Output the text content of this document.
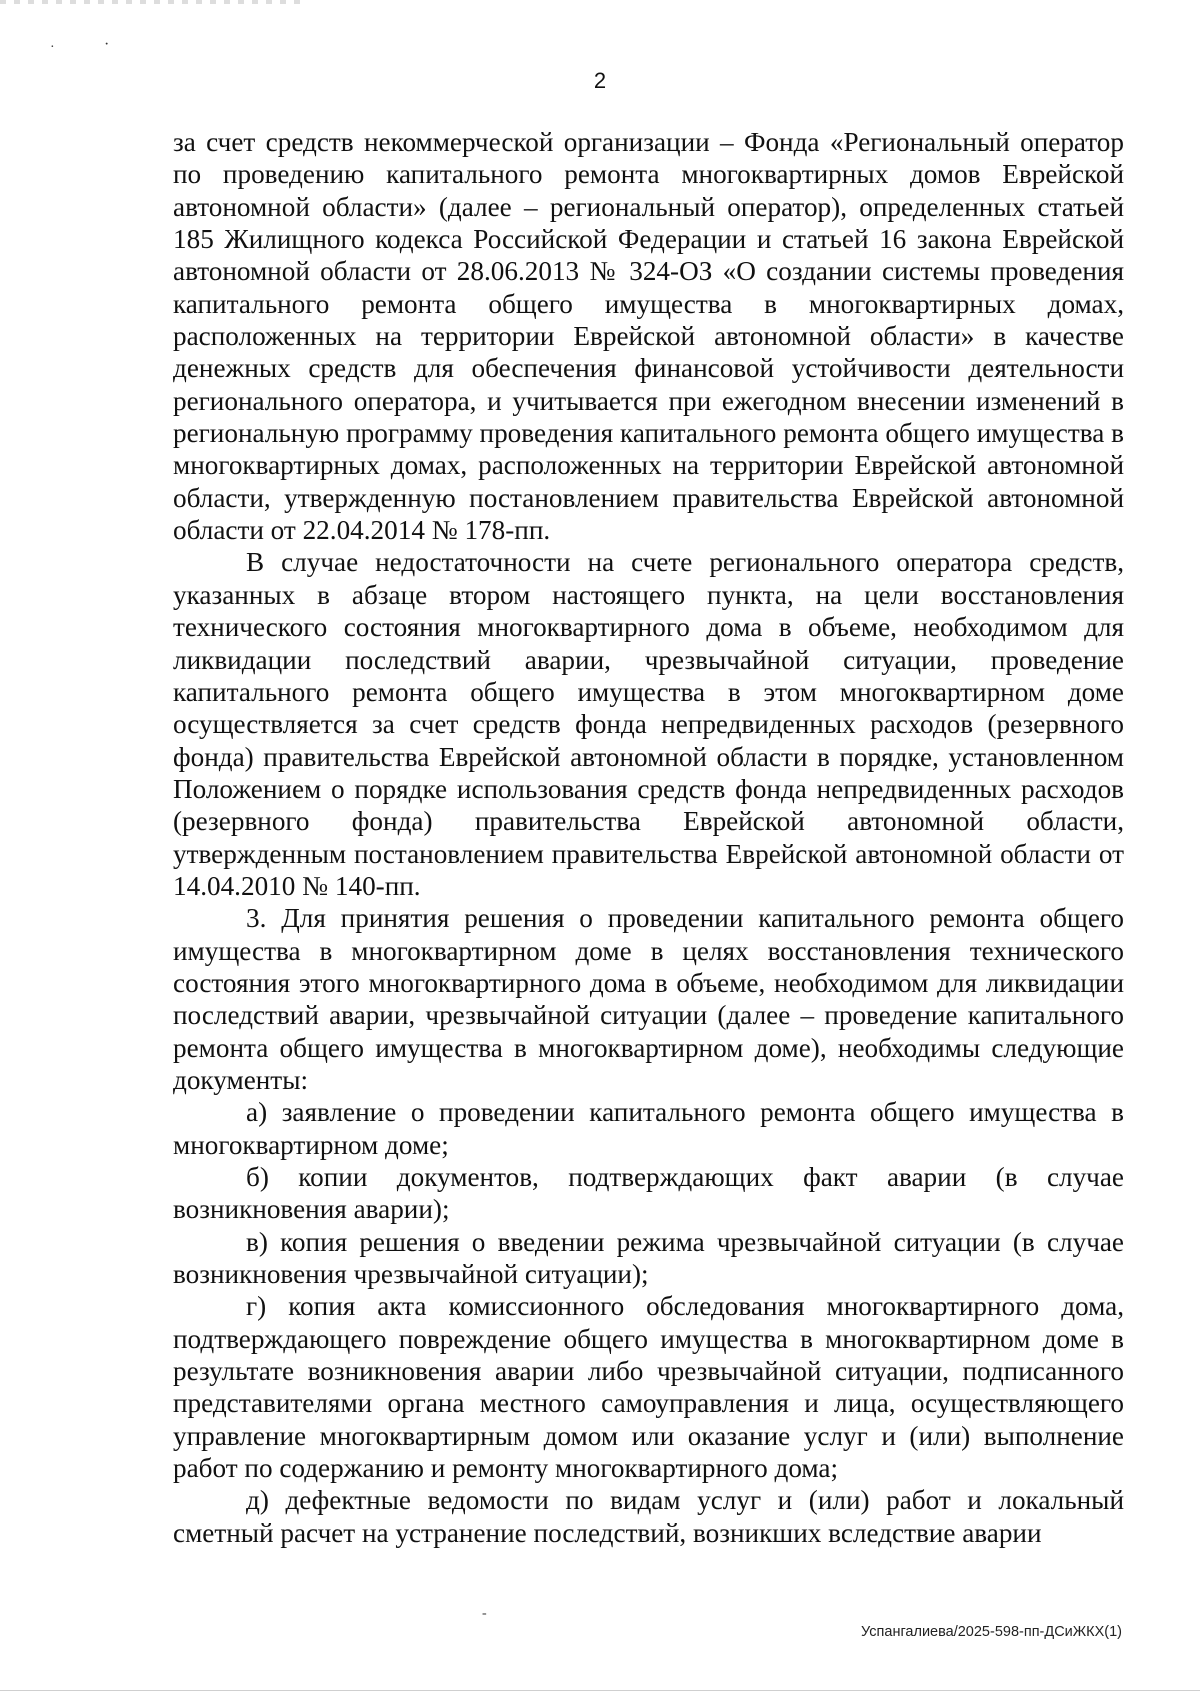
·	·
2

за счет средств некоммерческой организации – Фонда «Региональный оператор по проведению капитального ремонта многоквартирных домов Еврейской автономной области» (далее – региональный оператор), определенных статьей 185 Жилищного кодекса Российской Федерации и статьей 16 закона Еврейской автономной области от 28.06.2013 № 324-ОЗ «О создании системы проведения капитального ремонта общего имущества в многоквартирных домах, расположенных на территории Еврейской автономной области» в качестве денежных средств для обеспечения финансовой устойчивости деятельности регионального оператора, и учитывается при ежегодном внесении изменений в региональную программу проведения капитального ремонта общего имущества в многоквартирных домах, расположенных на территории Еврейской автономной области, утвержденную постановлением правительства Еврейской автономной области от 22.04.2014 № 178-пп.

В случае недостаточности на счете регионального оператора средств, указанных в абзаце втором настоящего пункта, на цели восстановления технического состояния многоквартирного дома в объеме, необходимом для ликвидации последствий аварии, чрезвычайной ситуации, проведение капитального ремонта общего имущества в этом многоквартирном доме осуществляется за счет средств фонда непредвиденных расходов (резервного фонда) правительства Еврейской автономной области в порядке, установленном Положением о порядке использования средств фонда непредвиденных расходов (резервного фонда) правительства Еврейской автономной области, утвержденным постановлением правительства Еврейской автономной области от 14.04.2010 № 140-пп.

3. Для принятия решения о проведении капитального ремонта общего имущества в многоквартирном доме в целях восстановления технического состояния этого многоквартирного дома в объеме, необходимом для ликвидации последствий аварии, чрезвычайной ситуации (далее – проведение капитального ремонта общего имущества в многоквартирном доме), необходимы следующие документы:

а) заявление о проведении капитального ремонта общего имущества в многоквартирном доме;

б) копии документов, подтверждающих факт аварии (в случае возникновения аварии);

в) копия решения о введении режима чрезвычайной ситуации (в случае возникновения чрезвычайной ситуации);

г) копия акта комиссионного обследования многоквартирного дома, подтверждающего повреждение общего имущества в многоквартирном доме в результате возникновения аварии либо чрезвычайной ситуации, подписанного представителями органа местного самоуправления и лица, осуществляющего управление многоквартирным домом или оказание услуг и (или) выполнение работ по содержанию и ремонту многоквартирного дома;

д) дефектные ведомости по видам услуг и (или) работ и локальный сметный расчет на устранение последствий, возникших вследствие аварии

-
Успангалиева/2025-598-пп-ДСиЖКХ(1)
